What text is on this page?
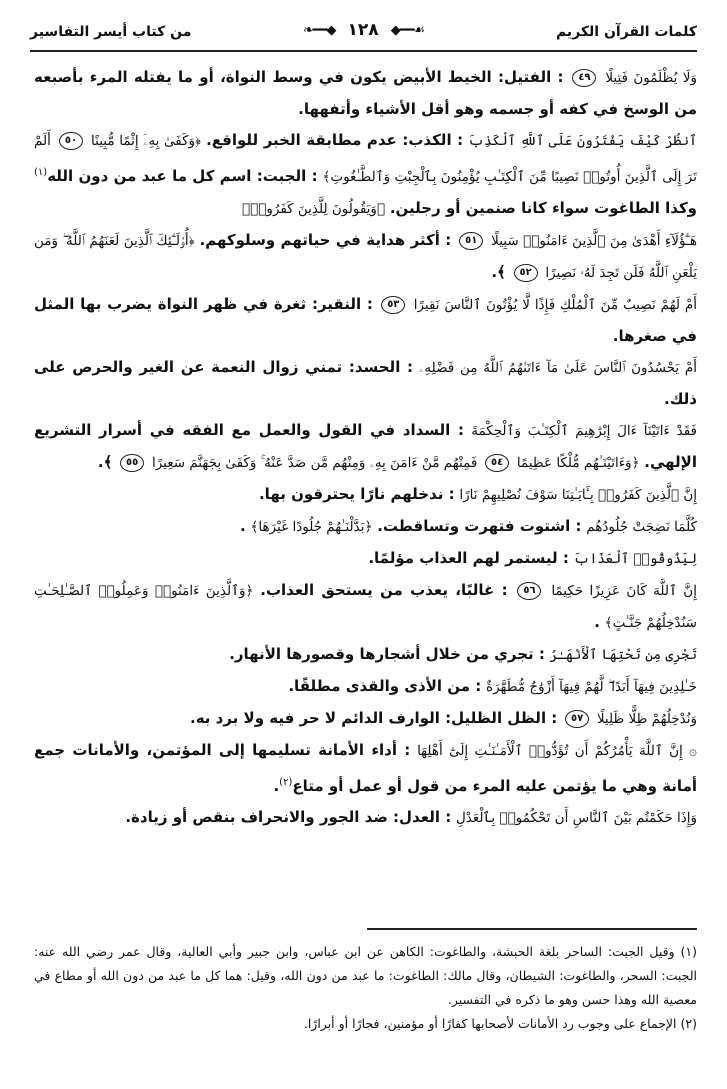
كلمات القرآن الكريم
❧━━◆ ١٢٨ ◆━━☙
من كتاب أيسر التفاسير

وَلَا يُظْلَمُونَ فَتِيلًا ٤٩ : الفتيل: الخيط الأبيض يكون في وسط النواة، أو ما يفتله المرء بأصبعه من الوسخ في كفه أو جسمه وهو أقل الأشياء وأتفهها.

ٱنظُرْ كَيْفَ يَفْتَرُونَ عَلَى ٱللَّهِ ٱلْكَذِبَ : الكذب: عدم مطابقة الخبر للواقع. ﴿وَكَفَىٰ بِهِۦٓ إِثْمًا مُّبِينًا ٥٠ أَلَمْ تَرَ إِلَى ٱلَّذِينَ أُوتُوا۟ نَصِيبًا مِّنَ ٱلْكِتَـٰبِ يُؤْمِنُونَ بِٱلْجِبْتِ وَٱلطَّـٰغُوتِ﴾ : الجبت: اسم كل ما عبد من دون الله$^{(١)}$ وكذا الطاغوت سواء كانا صنمين أو رجلين. ﴿وَيَقُولُونَ لِلَّذِينَ كَفَرُوا۟﴾

هَـٰٓؤُلَآءِ أَهْدَىٰ مِنَ ٱلَّذِينَ ءَامَنُوا۟ سَبِيلًا ٥١ : أكثر هداية في حياتهم وسلوكهم. ﴿أُو۟لَـٰٓئِكَ ٱلَّذِينَ لَعَنَهُمُ ٱللَّهُ ۖ وَمَن يَلْعَنِ ٱللَّهُ فَلَن تَجِدَ لَهُۥ نَصِيرًا ٥٢ ﴾.

أَمْ لَهُمْ نَصِيبٌ مِّنَ ٱلْمُلْكِ فَإِذًا لَّا يُؤْتُونَ ٱلنَّاسَ نَقِيرًا ٥٣ : النقير: ثغرة في ظهر النواة يضرب بها المثل في صغرها.

أَمْ يَحْسُدُونَ ٱلنَّاسَ عَلَىٰ مَآ ءَاتَىٰهُمُ ٱللَّهُ مِن فَضْلِهِۦ : الحسد: تمني زوال النعمة عن الغير والحرص على ذلك.

فَقَدْ ءَاتَيْنَآ ءَالَ إِبْرَٰهِيمَ ٱلْكِتَـٰبَ وَٱلْحِكْمَةَ : السداد في القول والعمل مع الفقه في أسرار التشريع الإلهي. ﴿وَءَاتَيْنَـٰهُم مُّلْكًا عَظِيمًا ٥٤ فَمِنْهُم مَّنْ ءَامَنَ بِهِۦ وَمِنْهُم مَّن صَدَّ عَنْهُ ۚ وَكَفَىٰ بِجَهَنَّمَ سَعِيرًا ٥٥ ﴾.

إِنَّ ٱلَّذِينَ كَفَرُوا۟ بِـَٔايَـٰتِنَا سَوْفَ نُصْلِيهِمْ نَارًا : ندخلهم نارًا يحترقون بها.

كُلَّمَا نَضِجَتْ جُلُودُهُم : اشتوت فتهرت وتساقطت. ﴿بَدَّلْنَـٰهُمْ جُلُودًا غَيْرَهَا﴾ .

لِيَذُوقُوا۟ ٱلْعَذَابَ : ليستمر لهم العذاب مؤلمًا.

إِنَّ ٱللَّهَ كَانَ عَزِيزًا حَكِيمًا ٥٦ : غالبًا، يعذب من يستحق العذاب. ﴿وَٱلَّذِينَ ءَامَنُوا۟ وَعَمِلُوا۟ ٱلصَّـٰلِحَـٰتِ سَنُدْخِلُهُمْ جَنَّـٰتٍ﴾ .

تَجْرِى مِن تَحْتِهَا ٱلْأَنْهَـٰرُ : تجري من خلال أشجارها وقصورها الأنهار.

خَـٰلِدِينَ فِيهَآ أَبَدًا ۖ لَّهُمْ فِيهَآ أَزْوَٰجٌ مُّطَهَّرَةٌ : من الأذى والقذى مطلقًا.

وَنُدْخِلُهُمْ ظِلًّا ظَلِيلًا ٥٧ : الظل الظليل: الوارف الدائم لا حر فيه ولا برد به.

۞ إِنَّ ٱللَّهَ يَأْمُرُكُمْ أَن تُؤَدُّوا۟ ٱلْأَمَـٰنَـٰتِ إِلَىٰٓ أَهْلِهَا : أداء الأمانة تسليمها إلى المؤتمن، والأمانات جمع أمانة وهي ما يؤتمن عليه المرء من قول أو عمل أو متاع$^{(٢)}$.

وَإِذَا حَكَمْتُم بَيْنَ ٱلنَّاسِ أَن تَحْكُمُوا۟ بِٱلْعَدْلِ : العدل: ضد الجور والانحراف بنقص أو زيادة.

(١) وقيل الجبت: الساحر بلغة الحبشة، والطاغوت: الكاهن عن ابن عباس، وابن جبير وأبي العالية، وقال عمر رضي الله عنه: الجبت: السحر، والطاغوت: الشيطان، وقال مالك: الطاغوت: ما عبد من دون الله، وقيل: هما كل ما عبد من دون الله أو مطاع في معصية الله وهذا حسن وهو ما ذكره في التفسير.

(٢) الإجماع على وجوب رد الأمانات لأصحابها كفارًا أو مؤمنين، فجارًا أو أبرارًا.
